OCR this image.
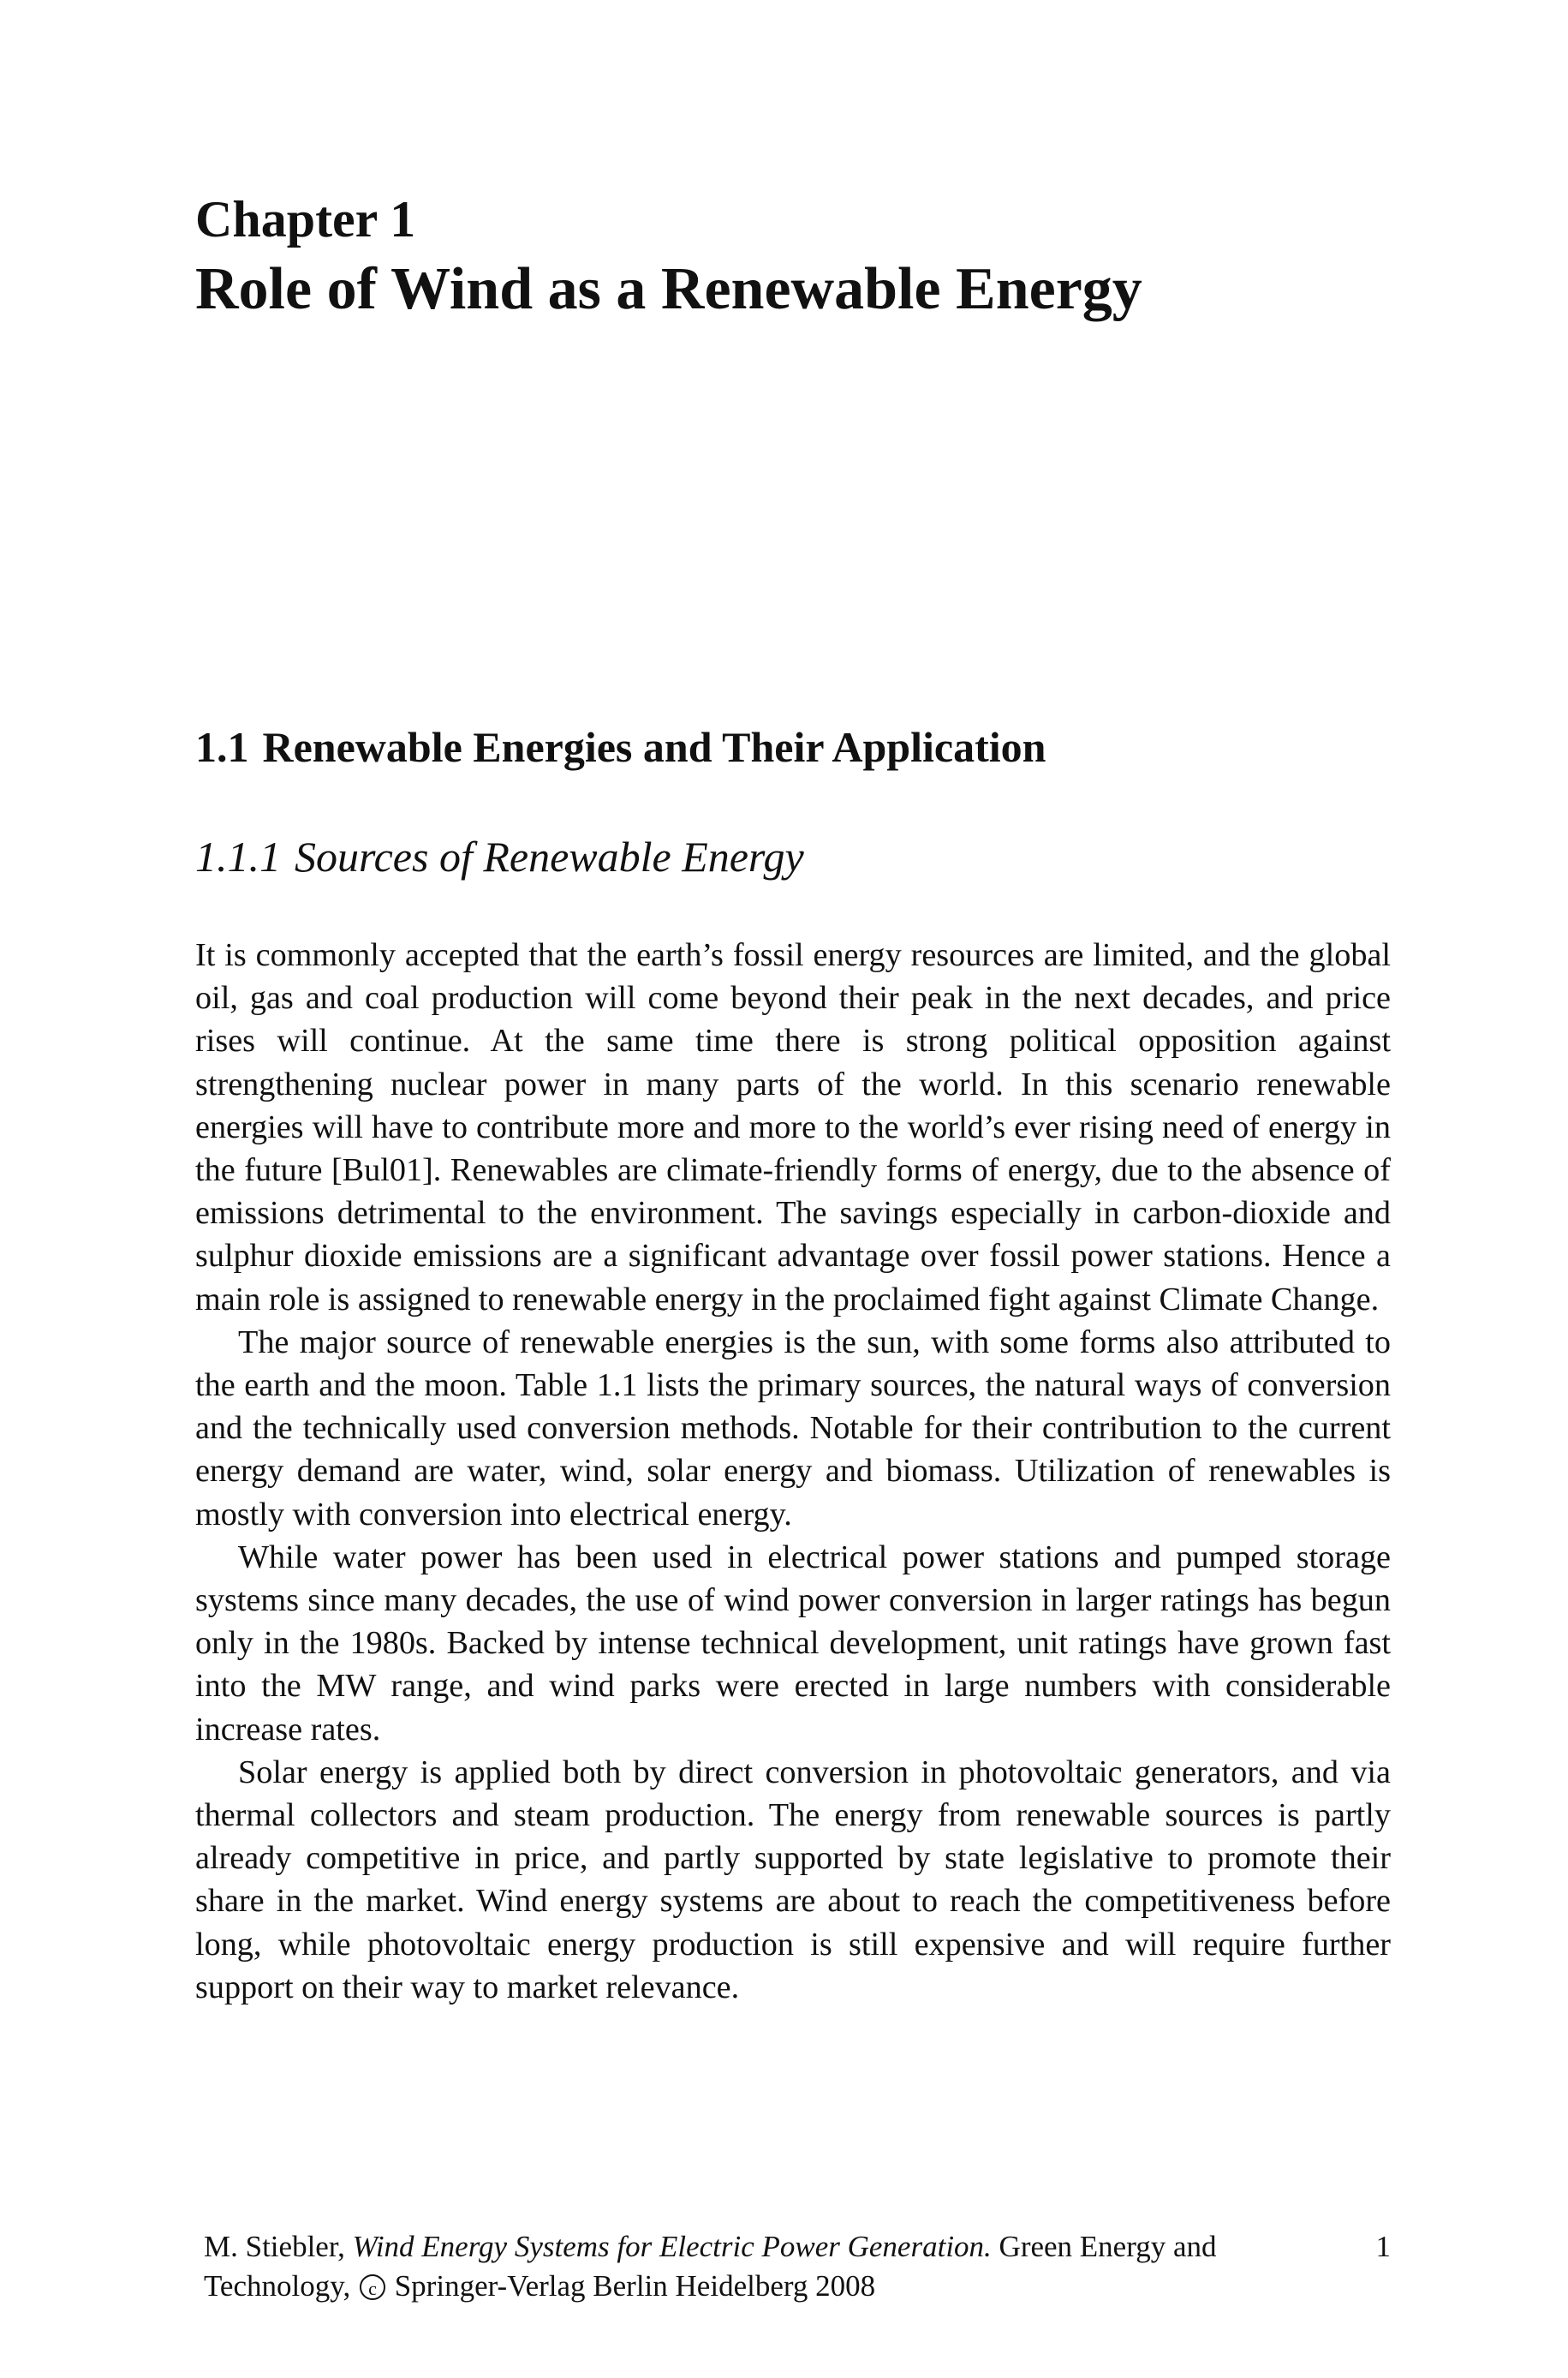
Chapter 1
Role of Wind as a Renewable Energy
1.1 Renewable Energies and Their Application
1.1.1 Sources of Renewable Energy

It is commonly accepted that the earth’s fossil energy resources are limited, and the global oil, gas and coal production will come beyond their peak in the next decades, and price rises will continue. At the same time there is strong political opposition against strengthening nuclear power in many parts of the world. In this scenario renewable energies will have to contribute more and more to the world’s ever rising need of energy in the future [Bul01]. Renewables are climate-friendly forms of energy, due to the absence of emissions detrimental to the environment. The savings especially in carbon-dioxide and sulphur dioxide emissions are a significant advantage over fossil power stations. Hence a main role is assigned to renewable energy in the proclaimed fight against Climate Change.

The major source of renewable energies is the sun, with some forms also attributed to the earth and the moon. Table 1.1 lists the primary sources, the natural ways of conversion and the technically used conversion methods. Notable for their contribution to the current energy demand are water, wind, solar energy and biomass. Utilization of renewables is mostly with conversion into electrical energy.

While water power has been used in electrical power stations and pumped storage systems since many decades, the use of wind power conversion in larger ratings has begun only in the 1980s. Backed by intense technical development, unit ratings have grown fast into the MW range, and wind parks were erected in large numbers with considerable increase rates.

Solar energy is applied both by direct conversion in photovoltaic generators, and via thermal collectors and steam production. The energy from renewable sources is partly already competitive in price, and partly supported by state legislative to promote their share in the market. Wind energy systems are about to reach the competitiveness before long, while photovoltaic energy production is still expensive and will require further support on their way to market relevance.

M. Stiebler, Wind Energy Systems for Electric Power Generation. Green Energy and Technology, c Springer-Verlag Berlin Heidelberg 2008
1
